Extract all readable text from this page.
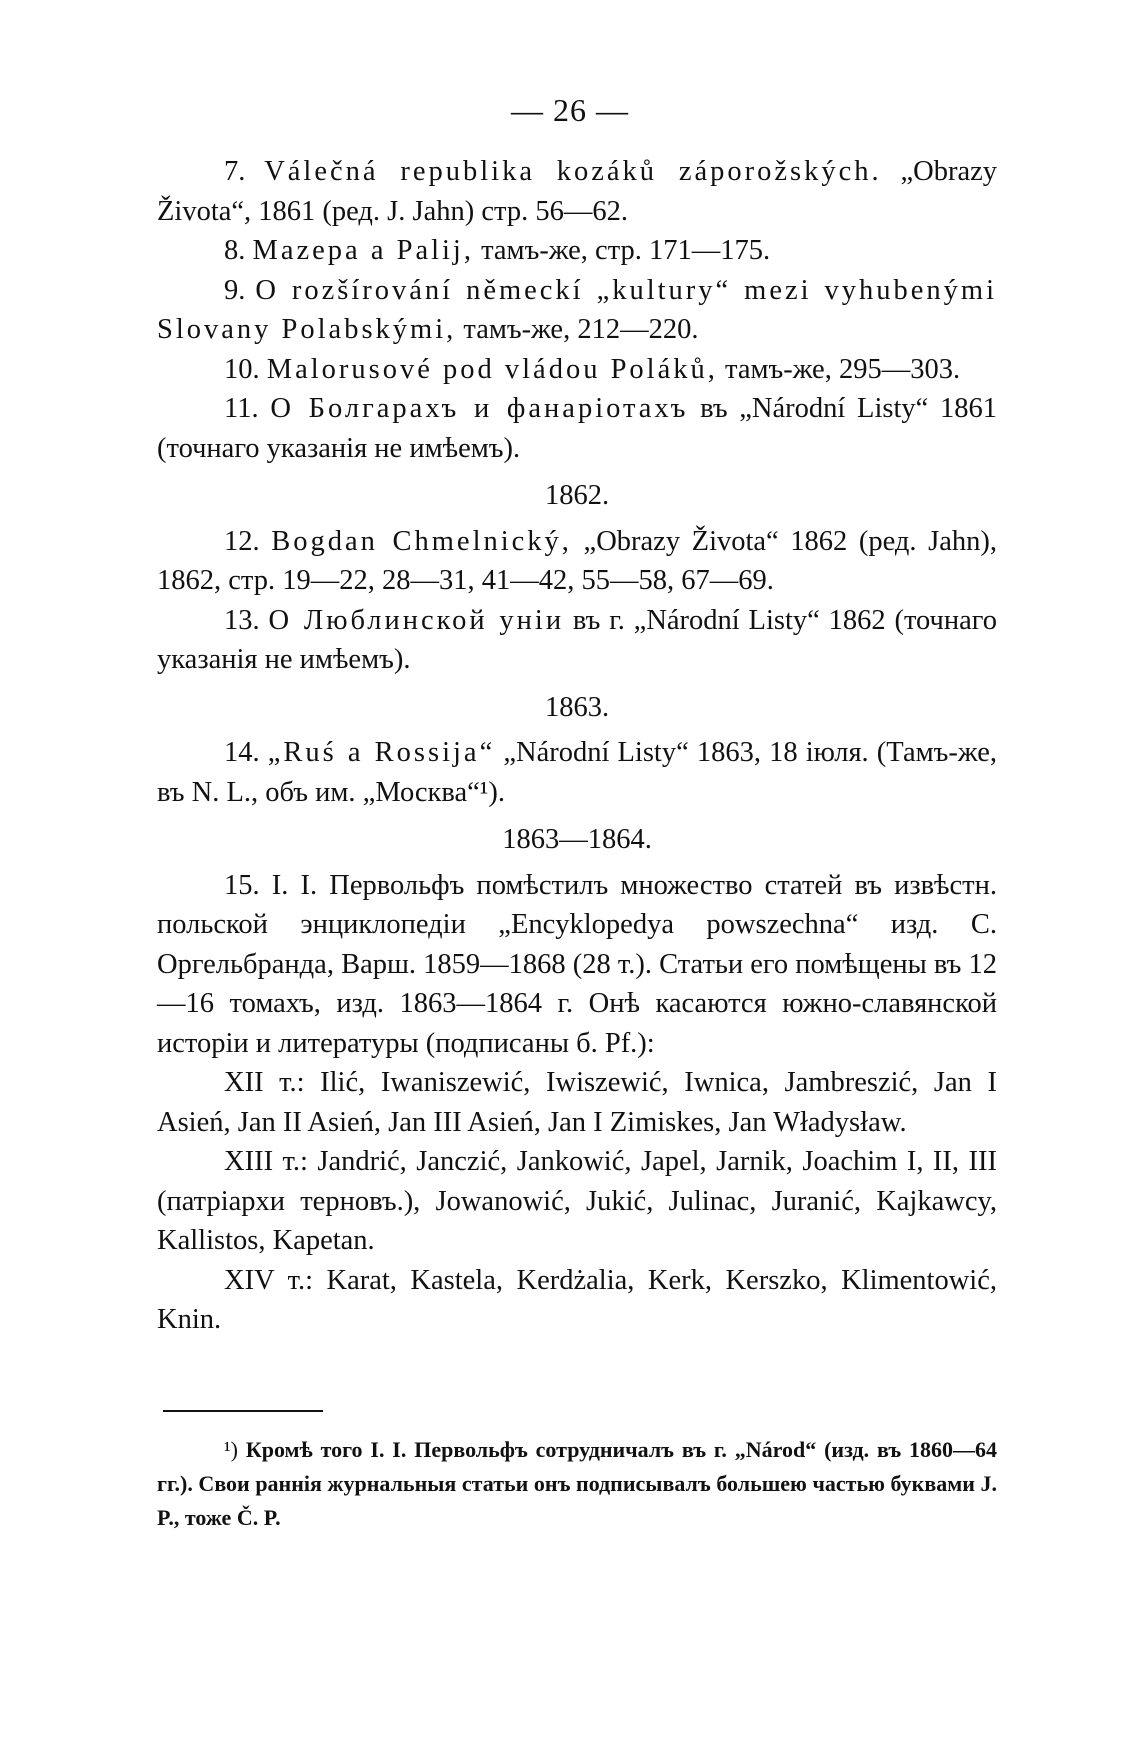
— 26 —

7. Válečná republika kozáků záporožských. „Obrazy Života“, 1861 (ред. J. Jahn) стр. 56—62.

8. Mazepa a Palij, тамъ-же, стр. 171—175.

9. O rozšírování německí „kultury“ mezi vyhubenými Slovany Polabskými, тамъ-же, 212—220.

10. Malorusové pod vládou Poláků, тамъ-же, 295—303.

11. О Болгарахъ и фанаріотахъ въ „Národní Listy“ 1861 (точнаго указанія не имѣемъ).

1862.

12. Bogdan Chmelnický, „Obrazy Života“ 1862 (ред. Jahn), 1862, стр. 19—22, 28—31, 41—42, 55—58, 67—69.

13. О Люблинской уніи въ г. „Národní Listy“ 1862 (точнаго указанія не имѣемъ).

1863.

14. „Ruś a Rossija“ „Národní Listy“ 1863, 18 іюля. (Тамъ-же, въ N. L., объ им. „Москва“¹).

1863—1864.

15. I. I. Первольфъ помѣстилъ множество статей въ извѣстн. польской энциклопедіи „Encyklopedya powszechna“ изд. С. Оргельбранда, Варш. 1859—1868 (28 т.). Статьи его помѣщены въ 12—16 томахъ, изд. 1863—1864 г. Онѣ касаются южно-славянской исторіи и литературы (подписаны б. Pf.):

XII т.: Ilić, Iwaniszewić, Iwiszewić, Iwnica, Jambreszić, Jan I Asień, Jan II Asień, Jan III Asień, Jan I Zimiskes, Jan Władysław.

XIII т.: Jandrić, Janczić, Jankowić, Japel, Jarnik, Joachim I, II, III (патріархи терновъ.), Jowanowić, Jukić, Julinac, Juranić, Kajkawcy, Kallistos, Kapetan.

XIV т.: Karat, Kastela, Kerdżalia, Kerk, Kerszko, Klimentowić, Knin.

¹) Кромѣ того I. I. Первольфъ сотрудничалъ въ г. „Národ“ (изд. въ 1860—64 гг.). Свои раннія журнальныя статьи онъ подписывалъ большею частью буквами J. P., тоже Č. P.
